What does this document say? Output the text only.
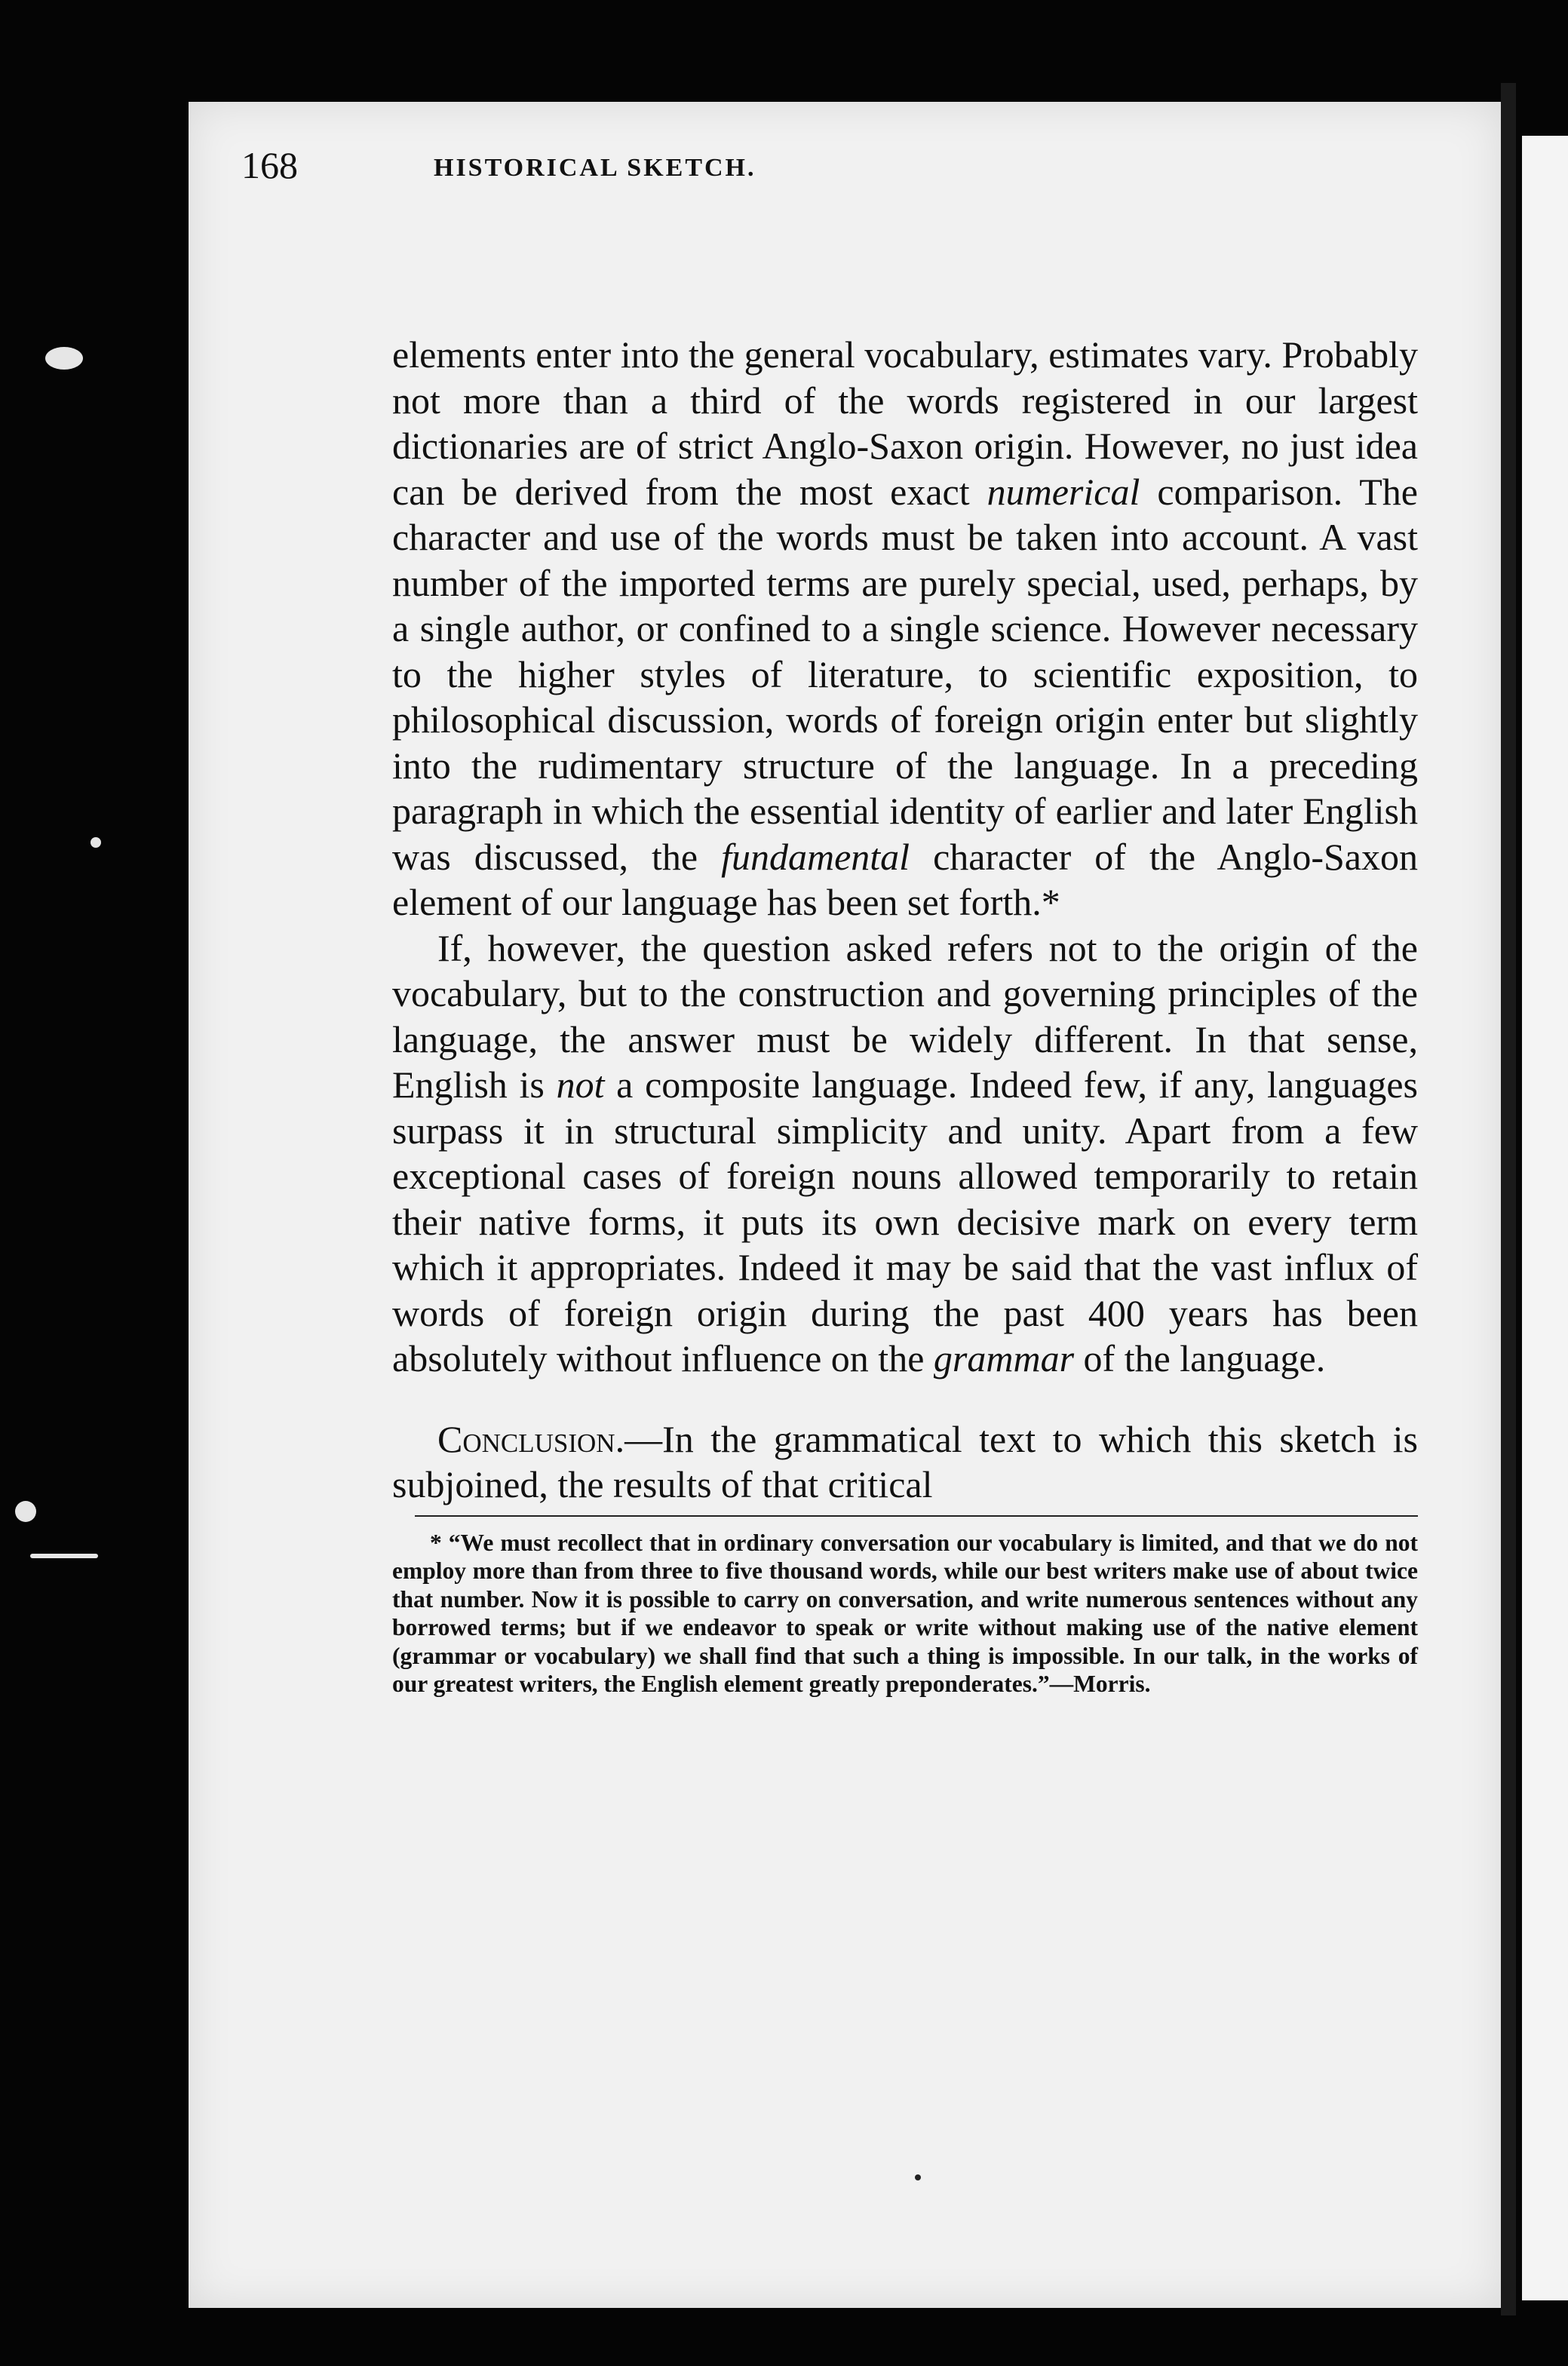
168	HISTORICAL SKETCH.

elements enter into the general vocabulary, estimates vary. Probably not more than a third of the words registered in our largest dictionaries are of strict Anglo-Saxon origin. However, no just idea can be derived from the most exact numerical comparison. The character and use of the words must be taken into account. A vast number of the imported terms are purely special, used, perhaps, by a single author, or confined to a single science. However necessary to the higher styles of literature, to scientific exposition, to philosophical discussion, words of foreign origin enter but slightly into the rudimentary structure of the language. In a preceding paragraph in which the essential identity of earlier and later English was discussed, the fundamental character of the Anglo-Saxon element of our language has been set forth.*

If, however, the question asked refers not to the origin of the vocabulary, but to the construction and governing principles of the language, the answer must be widely different. In that sense, English is not a composite language. Indeed few, if any, languages surpass it in structural simplicity and unity. Apart from a few exceptional cases of foreign nouns allowed temporarily to retain their native forms, it puts its own decisive mark on every term which it appropriates. Indeed it may be said that the vast influx of words of foreign origin during the past 400 years has been absolutely without influence on the grammar of the language.

Conclusion.—In the grammatical text to which this sketch is subjoined, the results of that critical

* “We must recollect that in ordinary conversation our vocabulary is limited, and that we do not employ more than from three to five thousand words, while our best writers make use of about twice that number. Now it is possible to carry on conversation, and write numerous sentences without any borrowed terms; but if we endeavor to speak or write without making use of the native element (grammar or vocabulary) we shall find that such a thing is impossible. In our talk, in the works of our greatest writers, the English element greatly preponderates.”—Morris.
